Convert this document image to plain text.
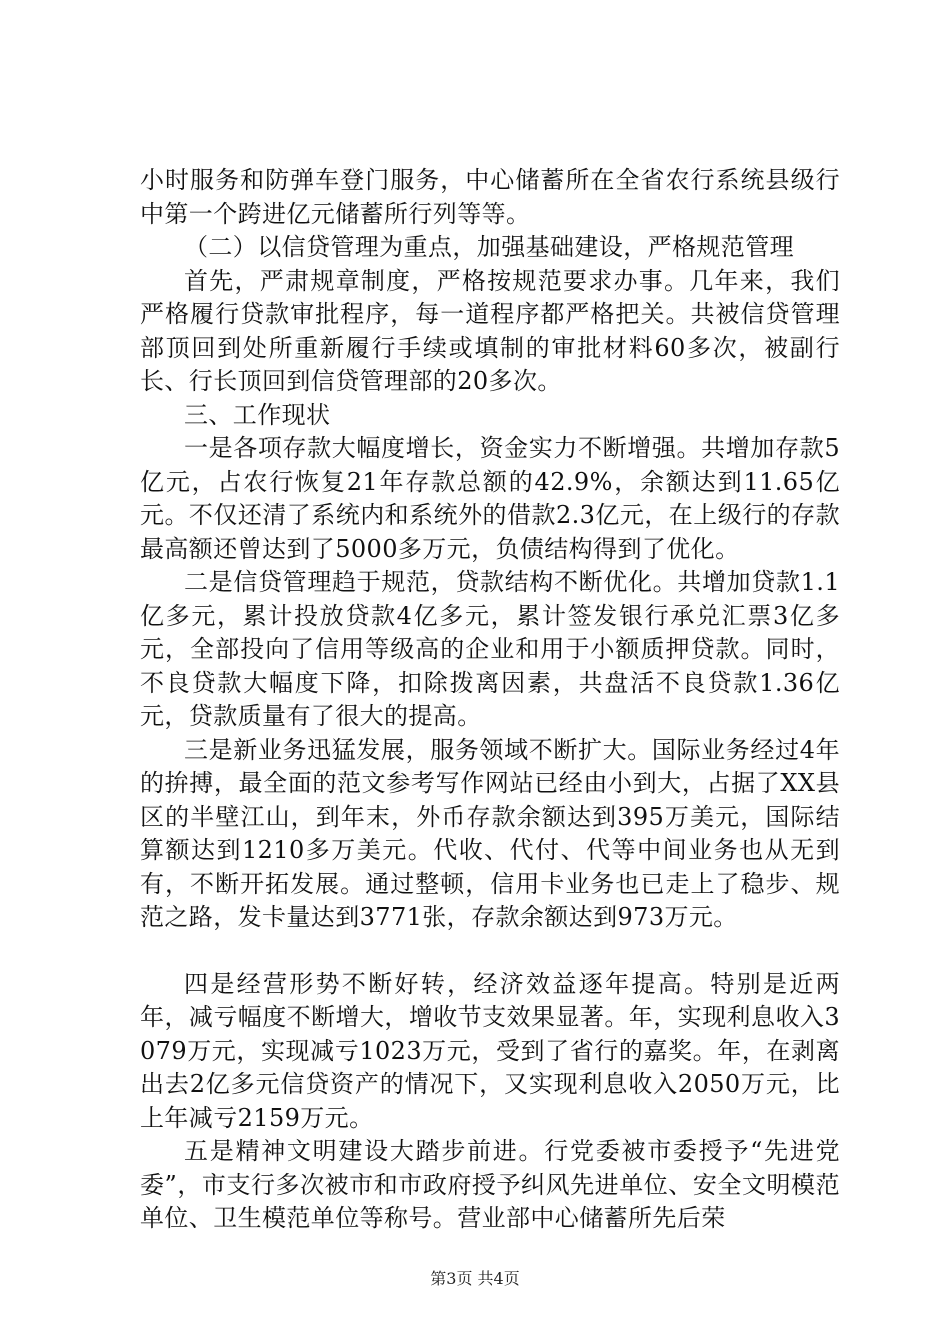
小时服务和防弹车登门服务，中心储蓄所在全省农行系统县级行中第一个跨进亿元储蓄所行列等等。

（二）以信贷管理为重点，加强基础建设，严格规范管理

首先，严肃规章制度，严格按规范要求办事。几年来，我们严格履行贷款审批程序，每一道程序都严格把关。共被信贷管理部顶回到处所重新履行手续或填制的审批材料60多次，被副行长、行长顶回到信贷管理部的20多次。

三、工作现状

一是各项存款大幅度增长，资金实力不断增强。共增加存款5亿元，占农行恢复21年存款总额的42.9%，余额达到11.65亿元。不仅还清了系统内和系统外的借款2.3亿元，在上级行的存款最高额还曾达到了5000多万元，负债结构得到了优化。

二是信贷管理趋于规范，贷款结构不断优化。共增加贷款1.1亿多元，累计投放贷款4亿多元，累计签发银行承兑汇票3亿多元，全部投向了信用等级高的企业和用于小额质押贷款。同时，不良贷款大幅度下降，扣除拨离因素，共盘活不良贷款1.36亿元，贷款质量有了很大的提高。

三是新业务迅猛发展，服务领域不断扩大。国际业务经过4年的拚搏，最全面的范文参考写作网站已经由小到大，占据了XX县区的半壁江山，到年末，外币存款余额达到395万美元，国际结算额达到1210多万美元。代收、代付、代等中间业务也从无到有，不断开拓发展。通过整顿，信用卡业务也已走上了稳步、规范之路，发卡量达到3771张，存款余额达到973万元。

四是经营形势不断好转，经济效益逐年提高。特别是近两年，减亏幅度不断增大，增收节支效果显著。年，实现利息收入3079万元，实现减亏1023万元，受到了省行的嘉奖。年，在剥离出去2亿多元信贷资产的情况下，又实现利息收入2050万元，比上年减亏2159万元。

五是精神文明建设大踏步前进。行党委被市委授予“先进党委”，市支行多次被市和市政府授予纠风先进单位、安全文明模范单位、卫生模范单位等称号。营业部中心储蓄所先后荣

第3页 共4页
